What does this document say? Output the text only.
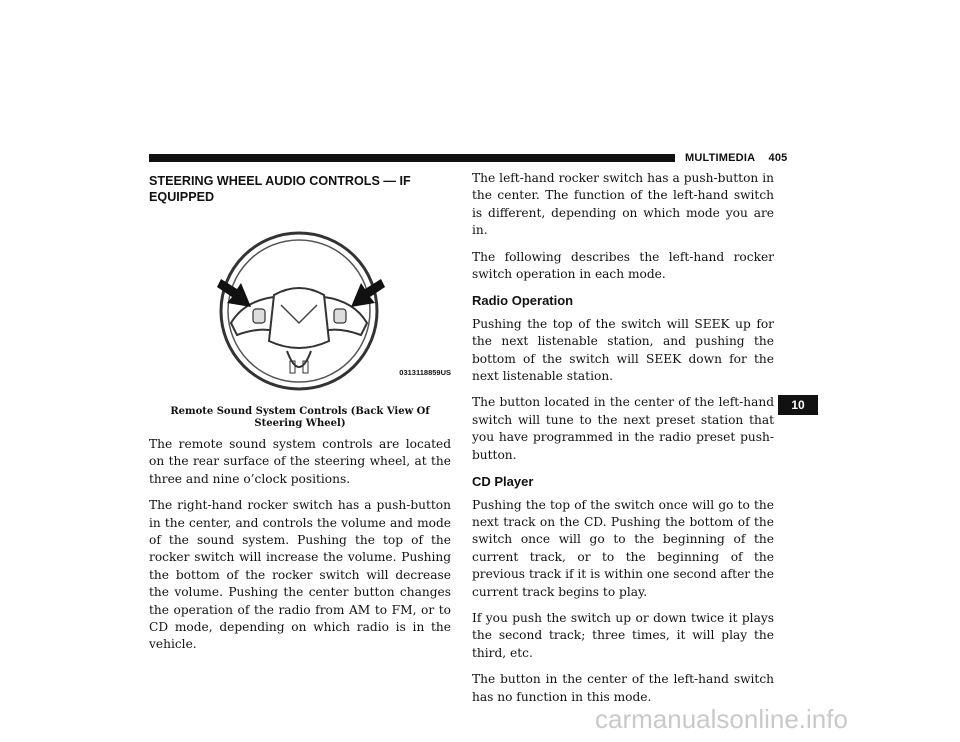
MULTIMEDIA 405
STEERING WHEEL AUDIO CONTROLS — IF EQUIPPED
0313118859US
Remote Sound System Controls (Back View Of Steering Wheel)

The remote sound system controls are located on the rear surface of the steering wheel, at the three and nine o’clock positions.

The right-hand rocker switch has a push-button in the center, and controls the volume and mode of the sound system. Pushing the top of the rocker switch will increase the volume. Pushing the bottom of the rocker switch will decrease the volume. Pushing the center button changes the operation of the radio from AM to FM, or to CD mode, depending on which radio is in the vehicle.

The left-hand rocker switch has a push-button in the center. The function of the left-hand switch is different, depending on which mode you are in.

The following describes the left-hand rocker switch operation in each mode.

Radio Operation

Pushing the top of the switch will SEEK up for the next listenable station, and pushing the bottom of the switch will SEEK down for the next listenable station.

The button located in the center of the left-hand switch will tune to the next preset station that you have programmed in the radio preset push-button.

CD Player

Pushing the top of the switch once will go to the next track on the CD. Pushing the bottom of the switch once will go to the beginning of the current track, or to the beginning of the previous track if it is within one second after the current track begins to play.

If you push the switch up or down twice it plays the second track; three times, it will play the third, etc.

The button in the center of the left-hand switch has no function in this mode.

10
carmanualsonline.info
